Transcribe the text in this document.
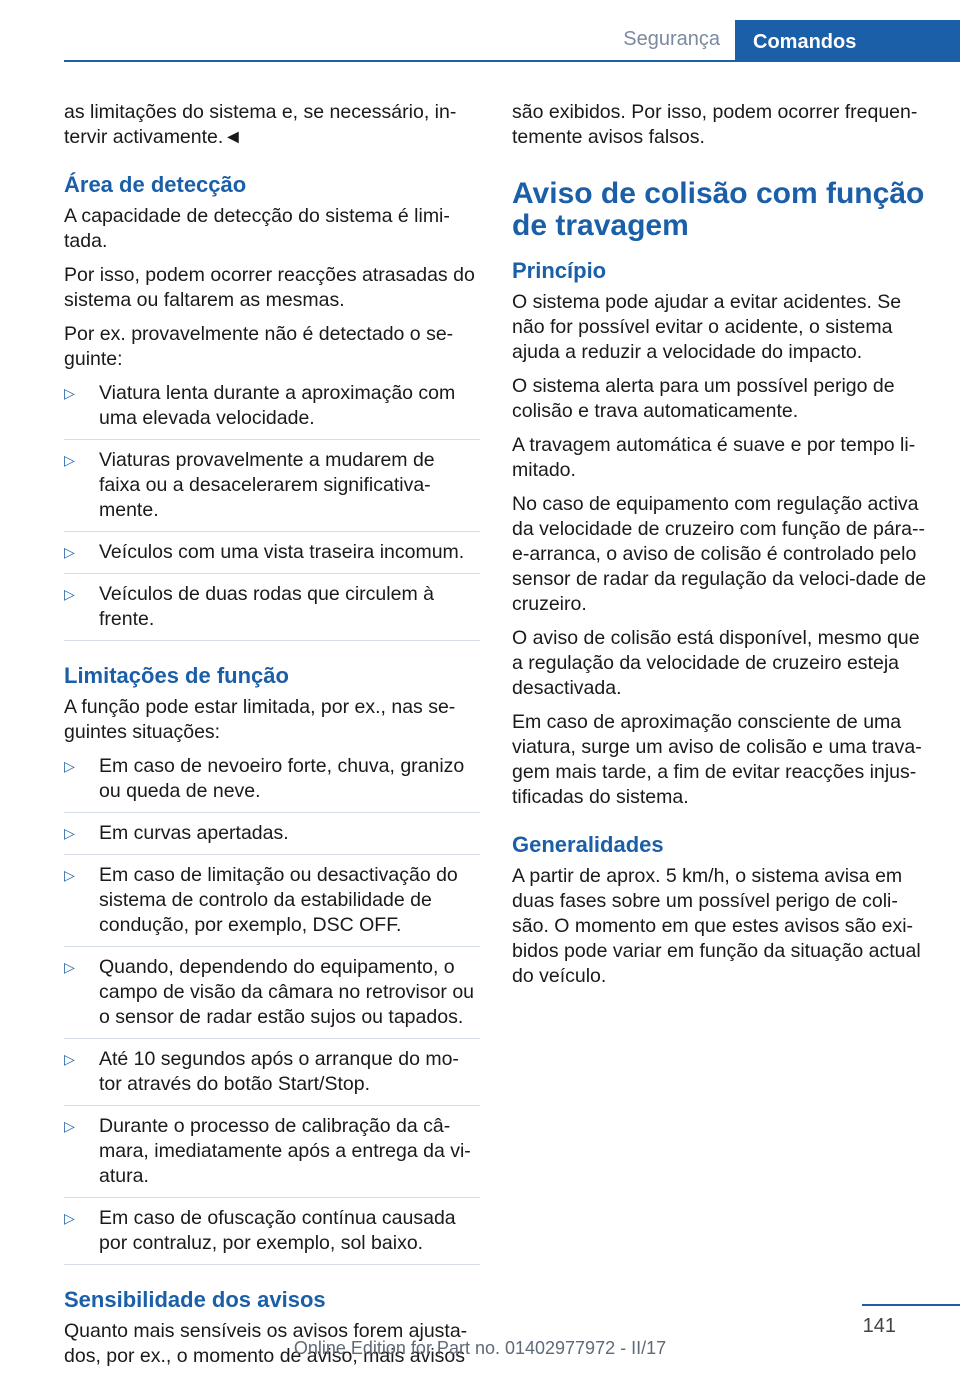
Segurança	Comandos

as limitações do sistema e, se necessário, in-tervir activamente.◄

Área de detecção

A capacidade de detecção do sistema é limi-tada.

Por isso, podem ocorrer reacções atrasadas do sistema ou faltarem as mesmas.

Por ex. provavelmente não é detectado o se-guinte:

▷ Viatura lenta durante a aproximação com uma elevada velocidade.
▷ Viaturas provavelmente a mudarem de faixa ou a desacelerarem significativa-mente.
▷ Veículos com uma vista traseira incomum.
▷ Veículos de duas rodas que circulem à frente.
Limitações de função

A função pode estar limitada, por ex., nas se-guintes situações:

▷ Em caso de nevoeiro forte, chuva, granizo ou queda de neve.
▷ Em curvas apertadas.
▷ Em caso de limitação ou desactivação do sistema de controlo da estabilidade de condução, por exemplo, DSC OFF.
▷ Quando, dependendo do equipamento, o campo de visão da câmara no retrovisor ou o sensor de radar estão sujos ou tapados.
▷ Até 10 segundos após o arranque do mo-tor através do botão Start/Stop.
▷ Durante o processo de calibração da câ-mara, imediatamente após a entrega da vi-atura.
▷ Em caso de ofuscação contínua causada por contraluz, por exemplo, sol baixo.
Sensibilidade dos avisos

Quanto mais sensíveis os avisos forem ajusta-dos, por ex., o momento de aviso, mais avisos

são exibidos. Por isso, podem ocorrer frequen-temente avisos falsos.

Aviso de colisão com função de travagem
Princípio

O sistema pode ajudar a evitar acidentes. Se não for possível evitar o acidente, o sistema ajuda a reduzir a velocidade do impacto.

O sistema alerta para um possível perigo de colisão e trava automaticamente.

A travagem automática é suave e por tempo li-mitado.

No caso de equipamento com regulação activa da velocidade de cruzeiro com função de pára--e-arranca, o aviso de colisão é controlado pelo sensor de radar da regulação da veloci-dade de cruzeiro.

O aviso de colisão está disponível, mesmo que a regulação da velocidade de cruzeiro esteja desactivada.

Em caso de aproximação consciente de uma viatura, surge um aviso de colisão e uma trava-gem mais tarde, a fim de evitar reacções injus-tificadas do sistema.

Generalidades

A partir de aprox. 5 km/h, o sistema avisa em duas fases sobre um possível perigo de coli-são. O momento em que estes avisos são exi-bidos pode variar em função da situação actual do veículo.

141
Online Edition for Part no. 01402977972 - II/17
